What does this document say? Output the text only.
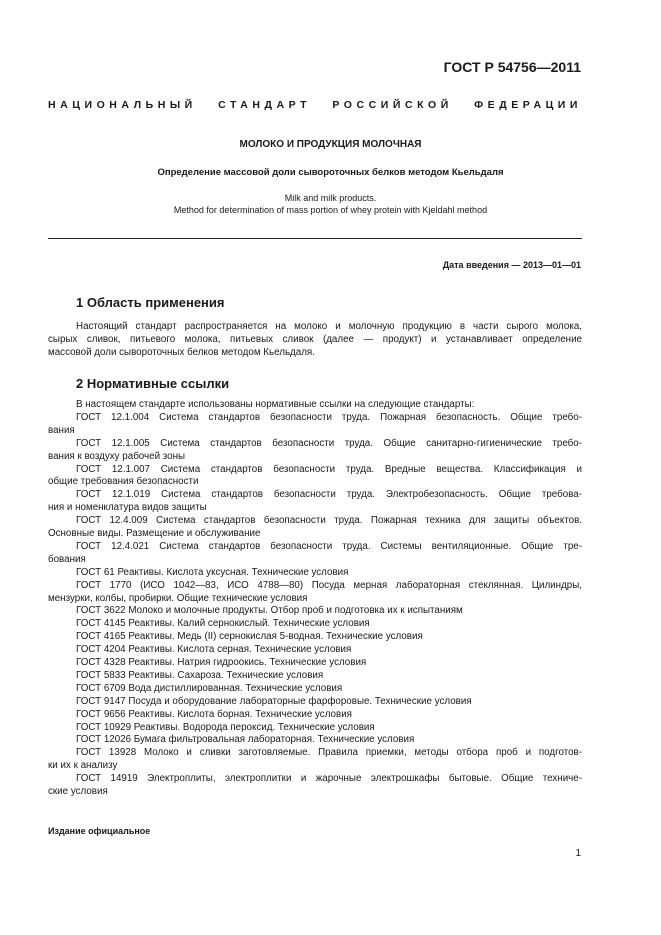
ГОСТ Р 54756—2011
НАЦИОНАЛЬНЫЙ СТАНДАРТ РОССИЙСКОЙ ФЕДЕРАЦИИ
МОЛОКО И ПРОДУКЦИЯ МОЛОЧНАЯ
Определение массовой доли сывороточных белков методом Кьельдаля
Milk and milk products.
Method for determination of mass portion of whey protein with Kjeldahl method
Дата введения — 2013—01—01
1 Область применения
Настоящий стандарт распространяется на молоко и молочную продукцию в части сырого молока,
сырых сливок, питьевого молока, питьевых сливок (далее — продукт) и устанавливает определение
массовой доли сывороточных белков методом Кьельдаля.
2 Нормативные ссылки
В настоящем стандарте использованы нормативные ссылки на следующие стандарты:
ГОСТ 12.1.004 Система стандартов безопасности труда. Пожарная безопасность. Общие требо-
вания
ГОСТ 12.1.005 Система стандартов безопасности труда. Общие санитарно-гигиенические требо-
вания к воздуху рабочей зоны
ГОСТ 12.1.007 Система стандартов безопасности труда. Вредные вещества. Классификация и
общие требования безопасности
ГОСТ 12.1.019 Система стандартов безопасности труда. Электробезопасность. Общие требова-
ния и номенклатура видов защиты
ГОСТ 12.4.009 Система стандартов безопасности труда. Пожарная техника для защиты объектов.
Основные виды. Размещение и обслуживание
ГОСТ 12.4.021 Система стандартов безопасности труда. Системы вентиляционные. Общие тре-
бования
ГОСТ 61 Реактивы. Кислота уксусная. Технические условия
ГОСТ 1770 (ИСО 1042—83, ИСО 4788—80) Посуда мерная лабораторная стеклянная. Цилиндры,
мензурки, колбы, пробирки. Общие технические условия
ГОСТ 3622 Молоко и молочные продукты. Отбор проб и подготовка их к испытаниям
ГОСТ 4145 Реактивы. Калий сернокислый. Технические условия
ГОСТ 4165 Реактивы. Медь (II) сернокислая 5-водная. Технические условия
ГОСТ 4204 Реактивы. Кислота серная. Технические условия
ГОСТ 4328 Реактивы. Натрия гидроокись. Технические условия
ГОСТ 5833 Реактивы. Сахароза. Технические условия
ГОСТ 6709 Вода дистиллированная. Технические условия
ГОСТ 9147 Посуда и оборудование лабораторные фарфоровые. Технические условия
ГОСТ 9656 Реактивы. Кислота борная. Технические условия
ГОСТ 10929 Реактивы. Водорода пероксид. Технические условия
ГОСТ 12026 Бумага фильтровальная лабораторная. Технические условия
ГОСТ 13928 Молоко и сливки заготовляемые. Правила приемки, методы отбора проб и подготов-
ки их к анализу
ГОСТ 14919 Электроплиты, электроплитки и жарочные электрошкафы бытовые. Общие техниче-
ские условия
Издание официальное
1
